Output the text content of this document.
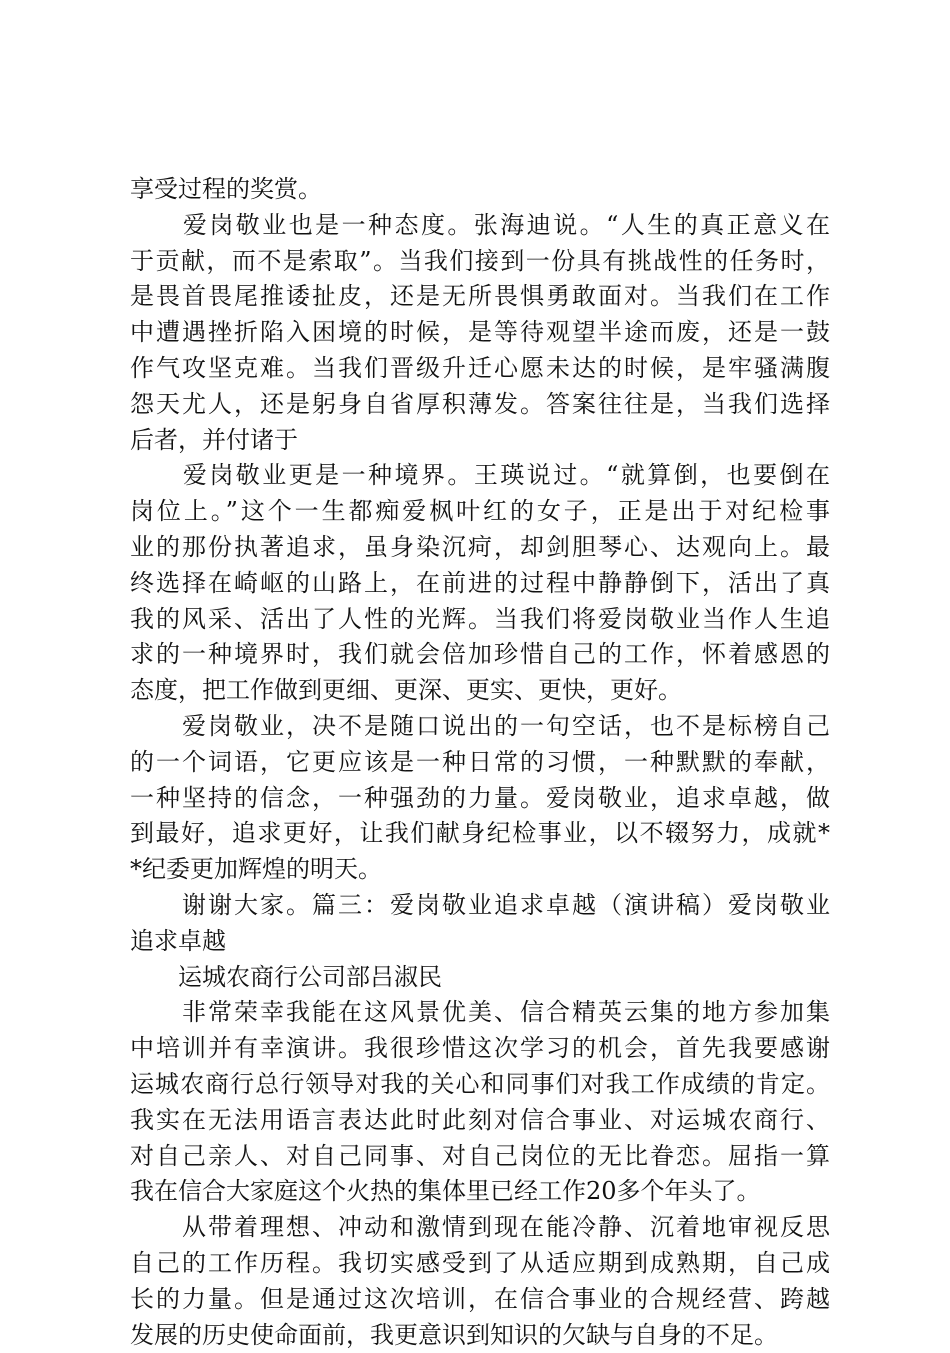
享受过程的奖赏。
　　爱岗敬业也是一种态度。张海迪说。“人生的真正意义在
于贡献，而不是索取”。当我们接到一份具有挑战性的任务时，
是畏首畏尾推诿扯皮，还是无所畏惧勇敢面对。当我们在工作
中遭遇挫折陷入困境的时候，是等待观望半途而废，还是一鼓
作气攻坚克难。当我们晋级升迁心愿未达的时候，是牢骚满腹
怨天尤人，还是躬身自省厚积薄发。答案往往是，当我们选择
后者，并付诸于
　　爱岗敬业更是一种境界。王瑛说过。“就算倒，也要倒在
岗位上。”这个一生都痴爱枫叶红的女子，正是出于对纪检事
业的那份执著追求，虽身染沉疴，却剑胆琴心、达观向上。最
终选择在崎岖的山路上，在前进的过程中静静倒下，活出了真
我的风采、活出了人性的光辉。当我们将爱岗敬业当作人生追
求的一种境界时，我们就会倍加珍惜自己的工作，怀着感恩的
态度，把工作做到更细、更深、更实、更快，更好。
　　爱岗敬业，决不是随口说出的一句空话，也不是标榜自己
的一个词语，它更应该是一种日常的习惯，一种默默的奉献，
一种坚持的信念，一种强劲的力量。爱岗敬业，追求卓越，做
到最好，追求更好，让我们献身纪检事业，以不辍努力，成就*
*纪委更加辉煌的明天。
　　谢谢大家。篇三：爱岗敬业追求卓越（演讲稿）爱岗敬业
追求卓越
　　运城农商行公司部吕淑民
　　非常荣幸我能在这风景优美、信合精英云集的地方参加集
中培训并有幸演讲。我很珍惜这次学习的机会，首先我要感谢
运城农商行总行领导对我的关心和同事们对我工作成绩的肯定。
我实在无法用语言表达此时此刻对信合事业、对运城农商行、
对自己亲人、对自己同事、对自己岗位的无比眷恋。屈指一算
我在信合大家庭这个火热的集体里已经工作20多个年头了。
　　从带着理想、冲动和激情到现在能冷静、沉着地审视反思
自己的工作历程。我切实感受到了从适应期到成熟期，自己成
长的力量。但是通过这次培训，在信合事业的合规经营、跨越
发展的历史使命面前，我更意识到知识的欠缺与自身的不足。
